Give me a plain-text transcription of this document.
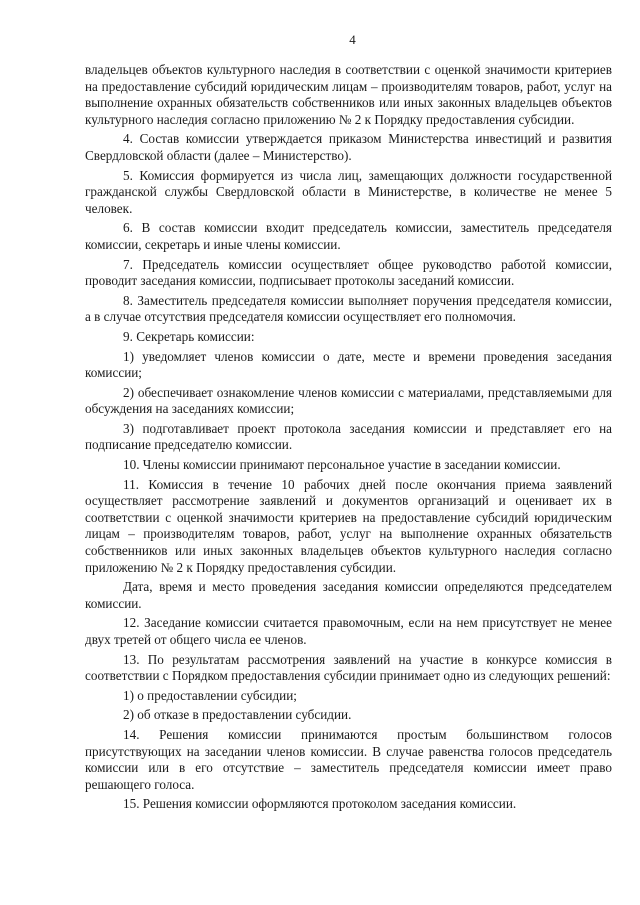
4

владельцев объектов культурного наследия в соответствии с оценкой значимости критериев на предоставление субсидий юридическим лицам – производителям товаров, работ, услуг на выполнение охранных обязательств собственников или иных законных владельцев объектов культурного наследия согласно приложению № 2 к Порядку предоставления субсидии.

4. Состав комиссии утверждается приказом Министерства инвестиций и развития Свердловской области (далее – Министерство).

5. Комиссия формируется из числа лиц, замещающих должности государственной гражданской службы Свердловской области в Министерстве, в количестве не менее 5 человек.

6. В состав комиссии входит председатель комиссии, заместитель председателя комиссии, секретарь и иные члены комиссии.

7. Председатель комиссии осуществляет общее руководство работой комиссии, проводит заседания комиссии, подписывает протоколы заседаний комиссии.

8. Заместитель председателя комиссии выполняет поручения председателя комиссии, а в случае отсутствия председателя комиссии осуществляет его полномочия.

9. Секретарь комиссии:

1) уведомляет членов комиссии о дате, месте и времени проведения заседания комиссии;

2) обеспечивает ознакомление членов комиссии с материалами, представляемыми для обсуждения на заседаниях комиссии;

3) подготавливает проект протокола заседания комиссии и представляет его на подписание председателю комиссии.

10. Члены комиссии принимают персональное участие в заседании комиссии.

11. Комиссия в течение 10 рабочих дней после окончания приема заявлений осуществляет рассмотрение заявлений и документов организаций и оценивает их в соответствии с оценкой значимости критериев на предоставление субсидий юридическим лицам – производителям товаров, работ, услуг на выполнение охранных обязательств собственников или иных законных владельцев объектов культурного наследия согласно приложению № 2 к Порядку предоставления субсидии.

Дата, время и место проведения заседания комиссии определяются председателем комиссии.

12. Заседание комиссии считается правомочным, если на нем присутствует не менее двух третей от общего числа ее членов.

13. По результатам рассмотрения заявлений на участие в конкурсе комиссия в соответствии с Порядком предоставления субсидии принимает одно из следующих решений:

1) о предоставлении субсидии;

2) об отказе в предоставлении субсидии.

14. Решения комиссии принимаются простым большинством голосов присутствующих на заседании членов комиссии. В случае равенства голосов председатель комиссии или в его отсутствие – заместитель председателя комиссии имеет право решающего голоса.

15. Решения комиссии оформляются протоколом заседания комиссии.
